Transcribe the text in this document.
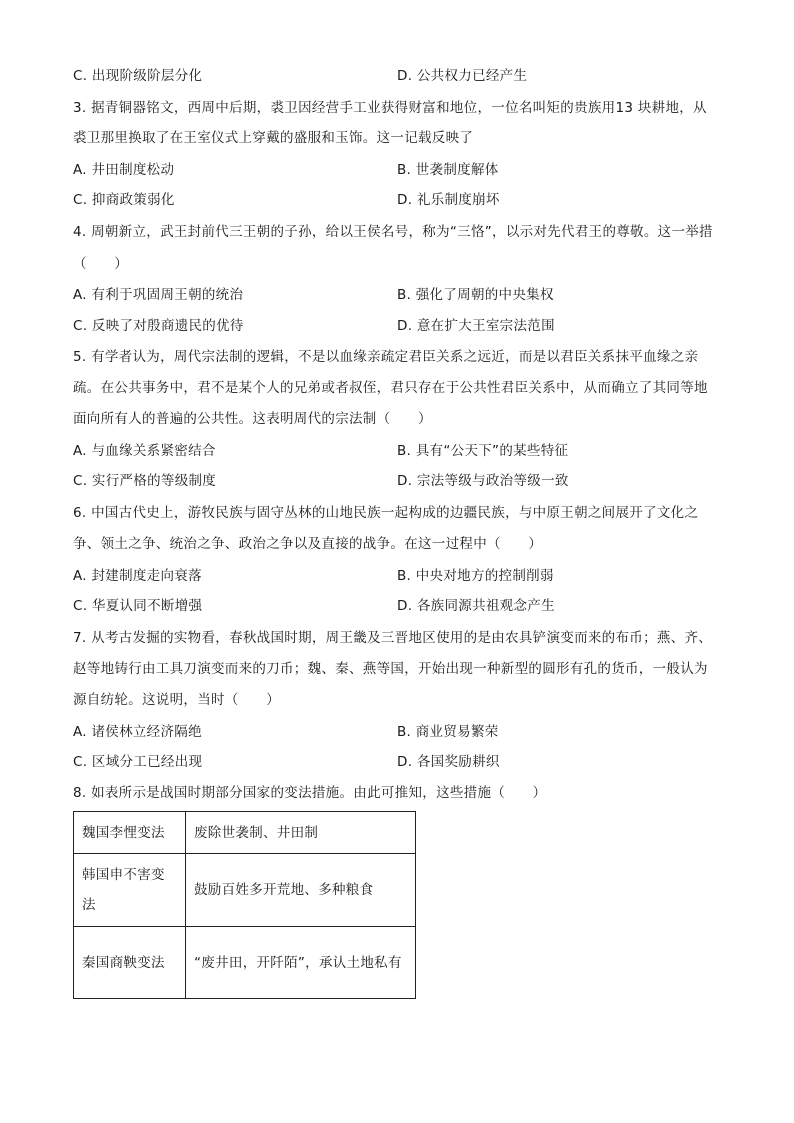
C. 出现阶级阶层分化	D. 公共权力已经产生
3. 据青铜器铭文，西周中后期，裘卫因经营手工业获得财富和地位，一位名叫矩的贵族用13 块耕地，从
裘卫那里换取了在王室仪式上穿戴的盛服和玉饰。这一记载反映了
A. 井田制度松动	B. 世袭制度解体
C. 抑商政策弱化	D. 礼乐制度崩坏
4. 周朝新立，武王封前代三王朝的子孙，给以王侯名号，称为“三恪”，以示对先代君王的尊敬。这一举措
（　　）
A. 有利于巩固周王朝的统治	B. 强化了周朝的中央集权
C. 反映了对殷商遗民的优待	D. 意在扩大王室宗法范围
5. 有学者认为，周代宗法制的逻辑，不是以血缘亲疏定君臣关系之远近，而是以君臣关系抹平血缘之亲
疏。在公共事务中，君不是某个人的兄弟或者叔侄，君只存在于公共性君臣关系中，从而确立了其同等地
面向所有人的普遍的公共性。这表明周代的宗法制（　　）
A. 与血缘关系紧密结合	B. 具有“公天下”的某些特征
C. 实行严格的等级制度	D. 宗法等级与政治等级一致
6. 中国古代史上，游牧民族与固守丛林的山地民族一起构成的边疆民族，与中原王朝之间展开了文化之
争、领土之争、统治之争、政治之争以及直接的战争。在这一过程中（　　）
A. 封建制度走向衰落	B. 中央对地方的控制削弱
C. 华夏认同不断增强	D. 各族同源共祖观念产生
7. 从考古发掘的实物看，春秋战国时期，周王畿及三晋地区使用的是由农具铲演变而来的布币；燕、齐、
赵等地铸行由工具刀演变而来的刀币；魏、秦、燕等国，开始出现一种新型的圆形有孔的货币，一般认为
源自纺轮。这说明，当时（　　）
A. 诸侯林立经济隔绝	B. 商业贸易繁荣
C. 区域分工已经出现	D. 各国奖励耕织
8. 如表所示是战国时期部分国家的变法措施。由此可推知，这些措施（　　）
魏国李悝变法	废除世袭制、井田制
韩国申不害变法	鼓励百姓多开荒地、多种粮食
秦国商鞅变法	“废井田，开阡陌”，承认土地私有
